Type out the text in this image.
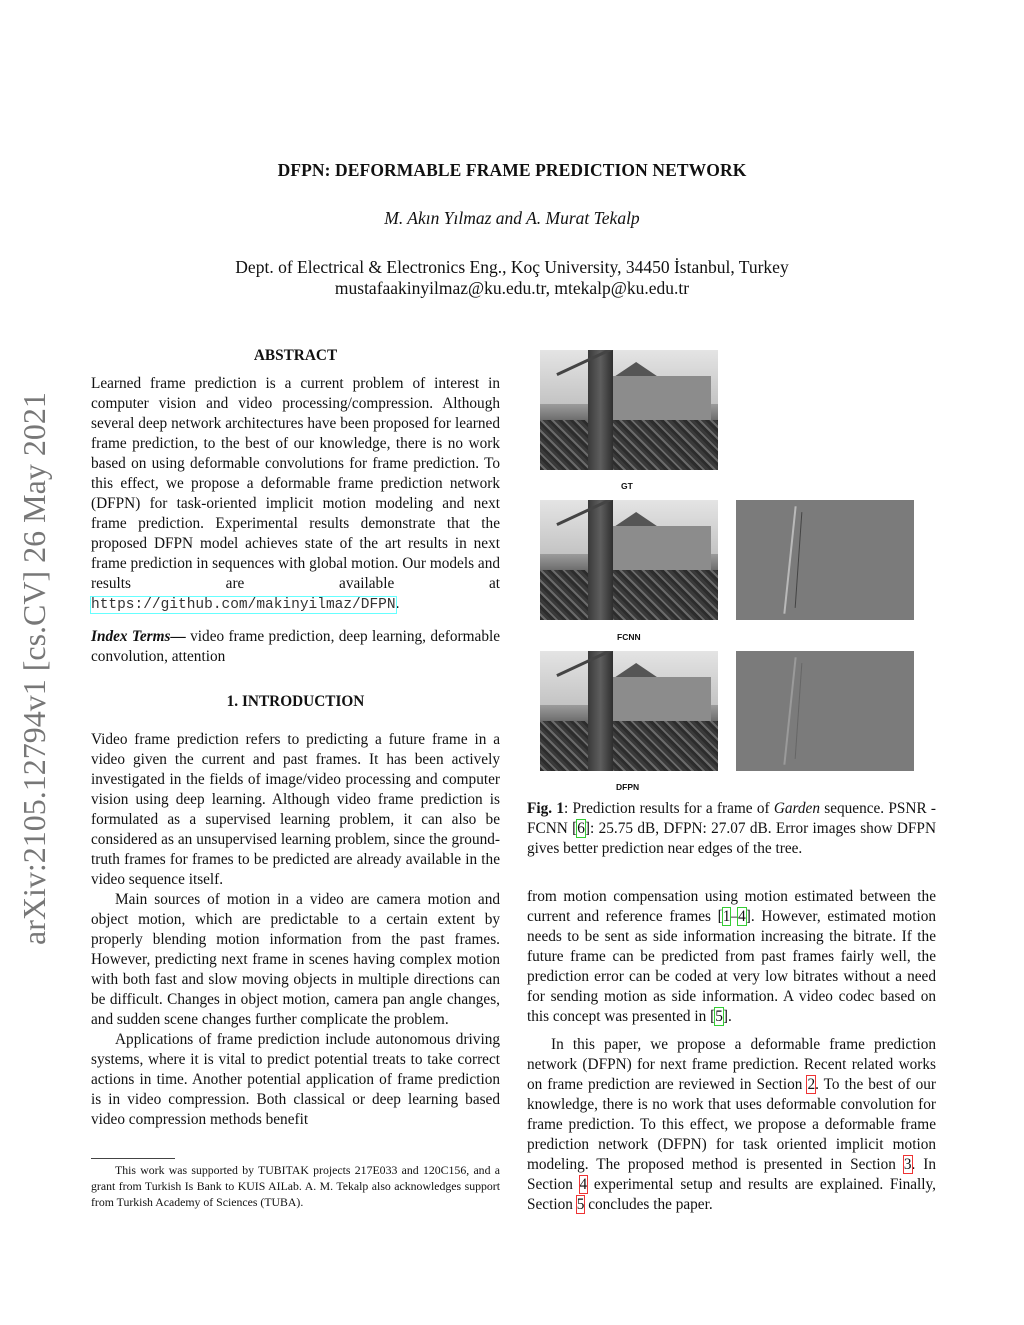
arXiv:2105.12794v1 [cs.CV] 26 May 2021
DFPN: DEFORMABLE FRAME PREDICTION NETWORK
M. Akın Yılmaz and A. Murat Tekalp
Dept. of Electrical & Electronics Eng., Koç University, 34450 İstanbul, Turkey
mustafaakinyilmaz@ku.edu.tr, mtekalp@ku.edu.tr
ABSTRACT

Learned frame prediction is a current problem of interest in computer vision and video processing/compression. Although several deep network architectures have been proposed for learned frame prediction, to the best of our knowledge, there is no work based on using deformable convolutions for frame prediction. To this effect, we propose a deformable frame prediction network (DFPN) for task-oriented implicit motion modeling and next frame prediction. Experimental results demonstrate that the proposed DFPN model achieves state of the art results in next frame prediction in sequences with global motion. Our models and results are available at https://github.com/makinyilmaz/DFPN.

Index Terms— video frame prediction, deep learning, deformable convolution, attention

1. INTRODUCTION

Video frame prediction refers to predicting a future frame in a video given the current and past frames. It has been actively investigated in the fields of image/video processing and computer vision using deep learning. Although video frame prediction is formulated as a supervised learning problem, it can also be considered as an unsupervised learning problem, since the ground-truth frames for frames to be predicted are already available in the video sequence itself.

Main sources of motion in a video are camera motion and object motion, which are predictable to a certain extent by properly blending motion information from the past frames. However, predicting next frame in scenes having complex motion with both fast and slow moving objects in multiple directions can be difficult. Changes in object motion, camera pan angle changes, and sudden scene changes further complicate the problem.

Applications of frame prediction include autonomous driving systems, where it is vital to predict potential treats to take correct actions in time. Another potential application of frame prediction is in video compression. Both classical or deep learning based video compression methods benefit

This work was supported by TUBITAK projects 217E033 and 120C156, and a grant from Turkish Is Bank to KUIS AILab. A. M. Tekalp also acknowledges support from Turkish Academy of Sciences (TUBA).
GT
FCNN
DFPN

Fig. 1: Prediction results for a frame of Garden sequence. PSNR - FCNN [6]: 25.75 dB, DFPN: 27.07 dB. Error images show DFPN gives better prediction near edges of the tree.

from motion compensation using motion estimated between the current and reference frames [1–4]. However, estimated motion needs to be sent as side information increasing the bitrate. If the future frame can be predicted from past frames fairly well, the prediction error can be coded at very low bitrates without a need for sending motion as side information. A video codec based on this concept was presented in [5].

In this paper, we propose a deformable frame prediction network (DFPN) for next frame prediction. Recent related works on frame prediction are reviewed in Section 2. To the best of our knowledge, there is no work that uses deformable convolution for frame prediction. To this effect, we propose a deformable frame prediction network (DFPN) for task oriented implicit motion modeling. The proposed method is presented in Section 3. In Section 4 experimental setup and results are explained. Finally, Section 5 concludes the paper.
